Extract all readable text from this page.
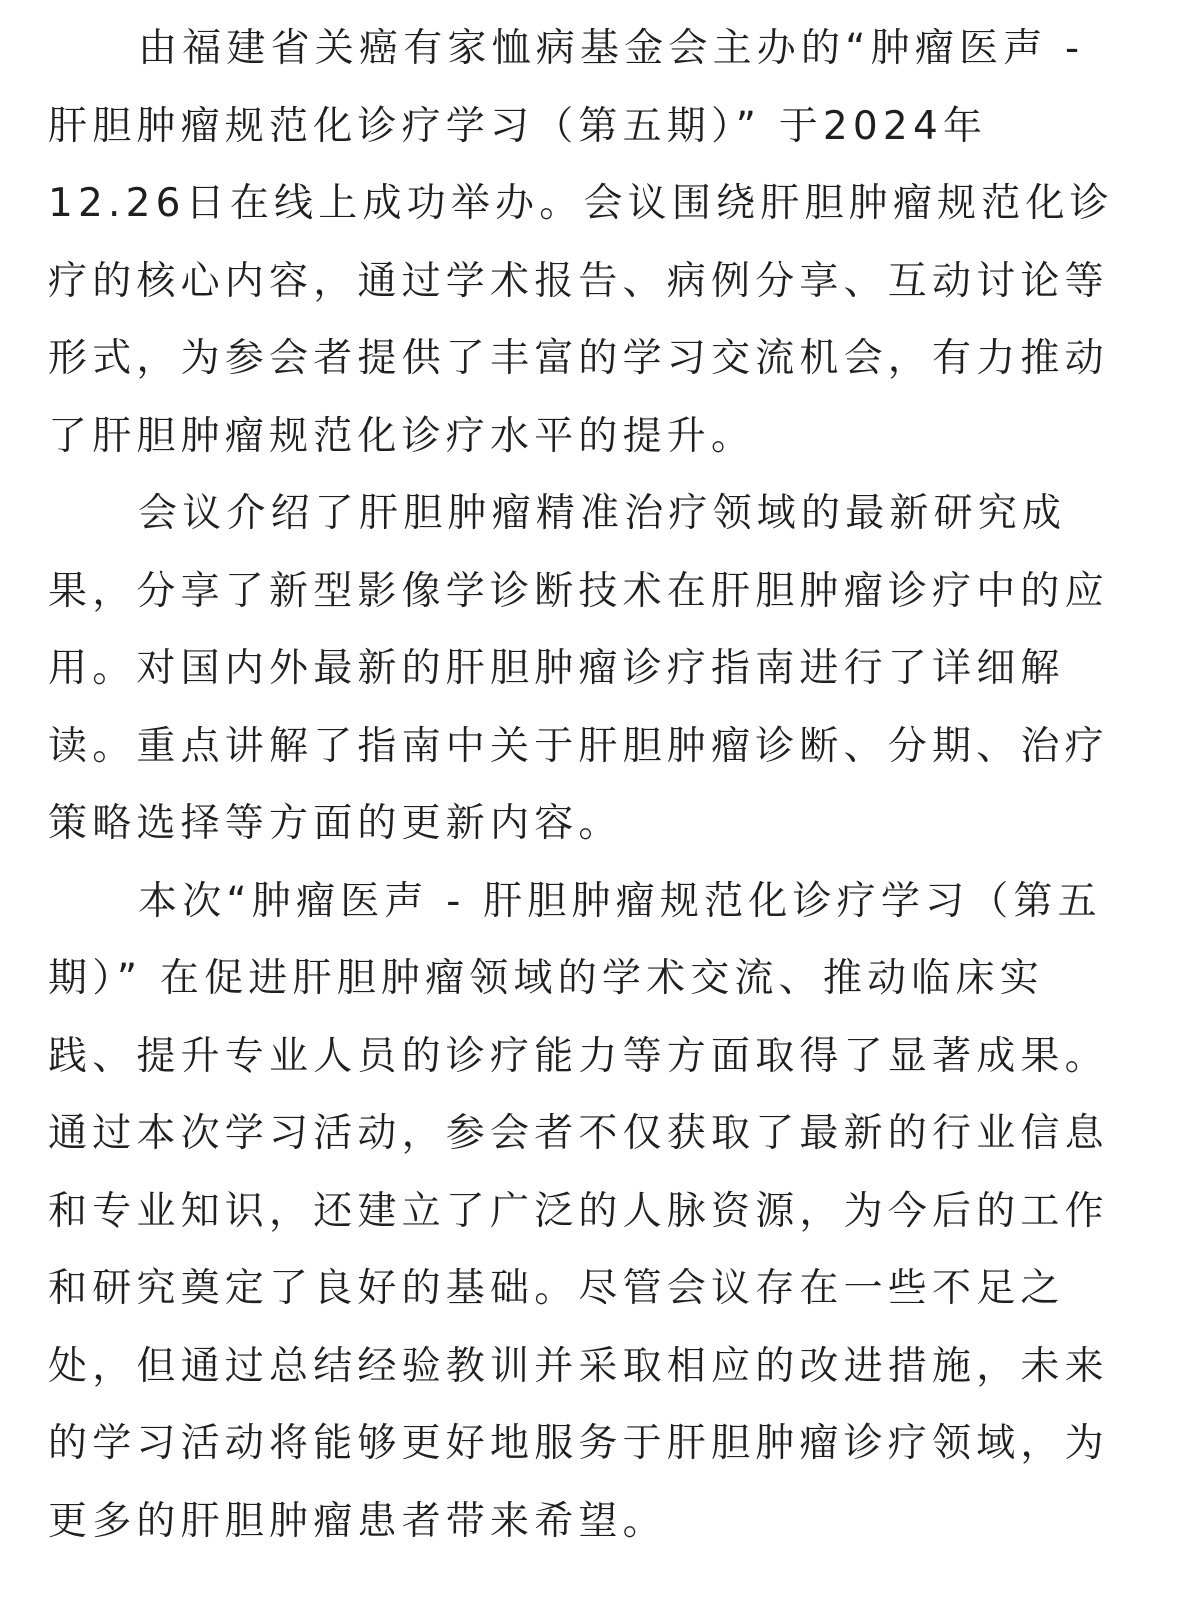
由福建省关癌有家恤病基金会主办的“肿瘤医声 -
肝胆肿瘤规范化诊疗学习（第五期）” 于2024年
12.26日在线上成功举办。会议围绕肝胆肿瘤规范化诊
疗的核心内容，通过学术报告、病例分享、互动讨论等
形式，为参会者提供了丰富的学习交流机会，有力推动
了肝胆肿瘤规范化诊疗水平的提升。

会议介绍了肝胆肿瘤精准治疗领域的最新研究成
果，分享了新型影像学诊断技术在肝胆肿瘤诊疗中的应
用。对国内外最新的肝胆肿瘤诊疗指南进行了详细解
读。重点讲解了指南中关于肝胆肿瘤诊断、分期、治疗
策略选择等方面的更新内容。

本次“肿瘤医声 - 肝胆肿瘤规范化诊疗学习（第五
期）” 在促进肝胆肿瘤领域的学术交流、推动临床实
践、提升专业人员的诊疗能力等方面取得了显著成果。
通过本次学习活动，参会者不仅获取了最新的行业信息
和专业知识，还建立了广泛的人脉资源，为今后的工作
和研究奠定了良好的基础。尽管会议存在一些不足之
处，但通过总结经验教训并采取相应的改进措施，未来
的学习活动将能够更好地服务于肝胆肿瘤诊疗领域，为
更多的肝胆肿瘤患者带来希望。
